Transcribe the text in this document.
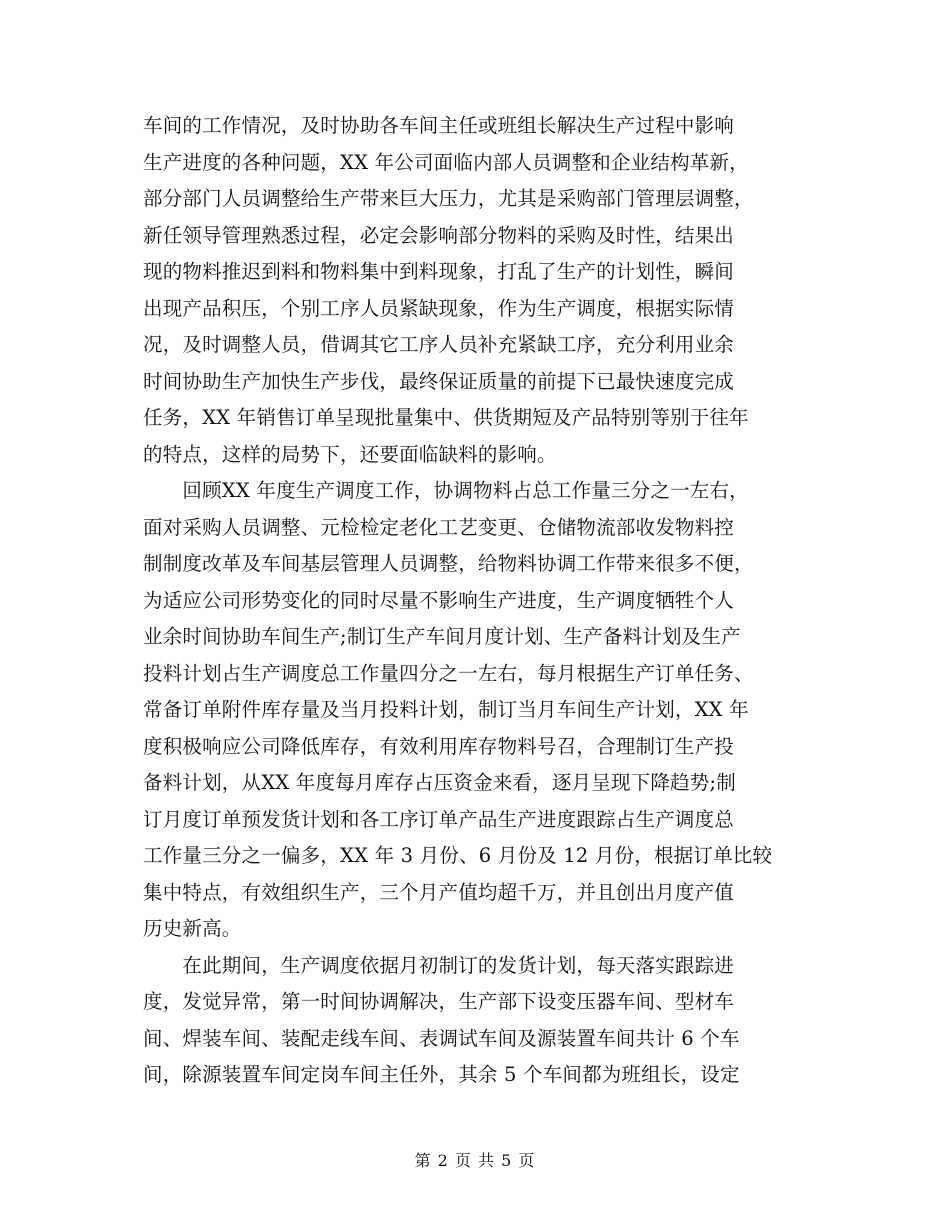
车间的工作情况，及时协助各车间主任或班组长解决生产过程中影响
生产进度的各种问题，XX 年公司面临内部人员调整和企业结构革新，
部分部门人员调整给生产带来巨大压力，尤其是采购部门管理层调整，
新任领导管理熟悉过程，必定会影响部分物料的采购及时性，结果出
现的物料推迟到料和物料集中到料现象，打乱了生产的计划性，瞬间
出现产品积压，个别工序人员紧缺现象，作为生产调度，根据实际情
况，及时调整人员，借调其它工序人员补充紧缺工序，充分利用业余
时间协助生产加快生产步伐，最终保证质量的前提下已最快速度完成
任务，XX 年销售订单呈现批量集中、供货期短及产品特别等别于往年
的特点，这样的局势下，还要面临缺料的影响。
　　回顾XX 年度生产调度工作，协调物料占总工作量三分之一左右，
面对采购人员调整、元检检定老化工艺变更、仓储物流部收发物料控
制制度改革及车间基层管理人员调整，给物料协调工作带来很多不便，
为适应公司形势变化的同时尽量不影响生产进度，生产调度牺牲个人
业余时间协助车间生产;制订生产车间月度计划、生产备料计划及生产
投料计划占生产调度总工作量四分之一左右，每月根据生产订单任务、
常备订单附件库存量及当月投料计划，制订当月车间生产计划，XX 年
度积极响应公司降低库存，有效利用库存物料号召，合理制订生产投
备料计划，从XX 年度每月库存占压资金来看，逐月呈现下降趋势;制
订月度订单预发货计划和各工序订单产品生产进度跟踪占生产调度总
工作量三分之一偏多，XX 年 3 月份、6 月份及 12 月份，根据订单比较
集中特点，有效组织生产，三个月产值均超千万，并且创出月度产值
历史新高。
　　在此期间，生产调度依据月初制订的发货计划，每天落实跟踪进
度，发觉异常，第一时间协调解决，生产部下设变压器车间、型材车
间、焊装车间、装配走线车间、表调试车间及源装置车间共计 6 个车
间，除源装置车间定岗车间主任外，其余 5 个车间都为班组长，设定
第 2 页 共 5 页
